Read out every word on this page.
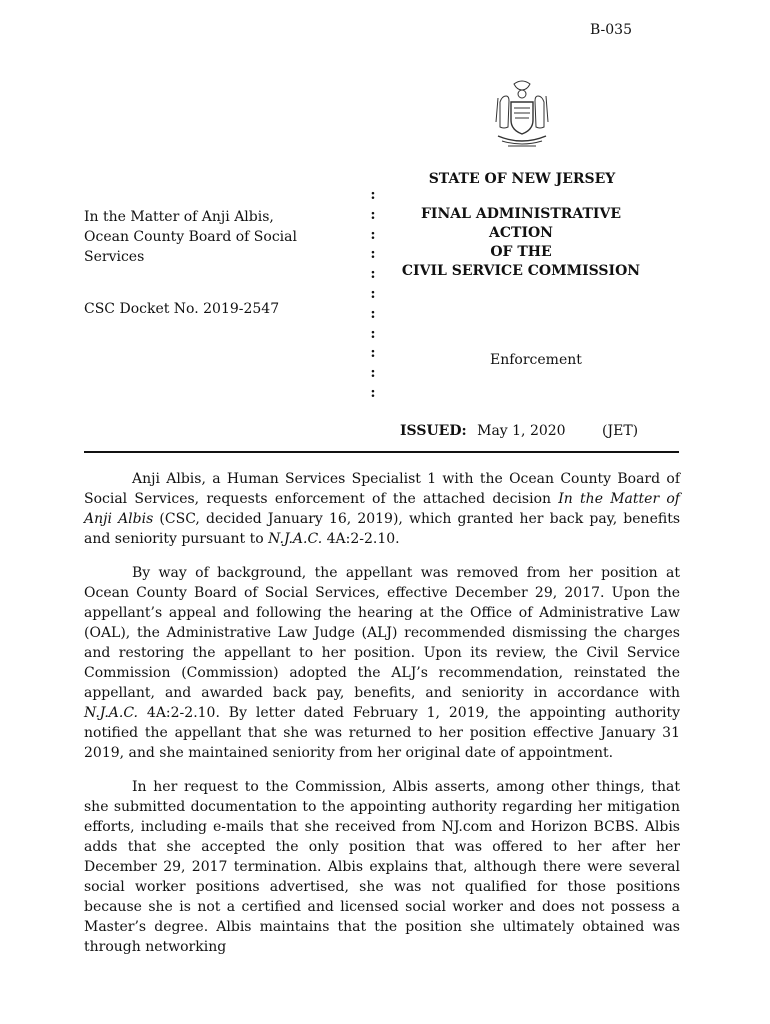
B-035
STATE OF NEW JERSEY
:
:
:
:
:
:
:
:
:
:
:
In the Matter of Anji Albis,
Ocean County Board of Social
Services
FINAL ADMINISTRATIVE ACTION
OF THE
CIVIL SERVICE COMMISSION
CSC Docket No. 2019-2547
Enforcement
ISSUED: May 1, 2020	(JET)

Anji Albis, a Human Services Specialist 1 with the Ocean County Board of Social Services, requests enforcement of the attached decision In the Matter of Anji Albis (CSC, decided January 16, 2019), which granted her back pay, benefits and seniority pursuant to N.J.A.C. 4A:2-2.10.

By way of background, the appellant was removed from her position at Ocean County Board of Social Services, effective December 29, 2017. Upon the appellant’s appeal and following the hearing at the Office of Administrative Law (OAL), the Administrative Law Judge (ALJ) recommended dismissing the charges and restoring the appellant to her position. Upon its review, the Civil Service Commission (Commission) adopted the ALJ’s recommendation, reinstated the appellant, and awarded back pay, benefits, and seniority in accordance with N.J.A.C. 4A:2-2.10. By letter dated February 1, 2019, the appointing authority notified the appellant that she was returned to her position effective January 31 2019, and she maintained seniority from her original date of appointment.

In her request to the Commission, Albis asserts, among other things, that she submitted documentation to the appointing authority regarding her mitigation efforts, including e-mails that she received from NJ.com and Horizon BCBS. Albis adds that she accepted the only position that was offered to her after her December 29, 2017 termination. Albis explains that, although there were several social worker positions advertised, she was not qualified for those positions because she is not a certified and licensed social worker and does not possess a Master’s degree. Albis maintains that the position she ultimately obtained was through networking
